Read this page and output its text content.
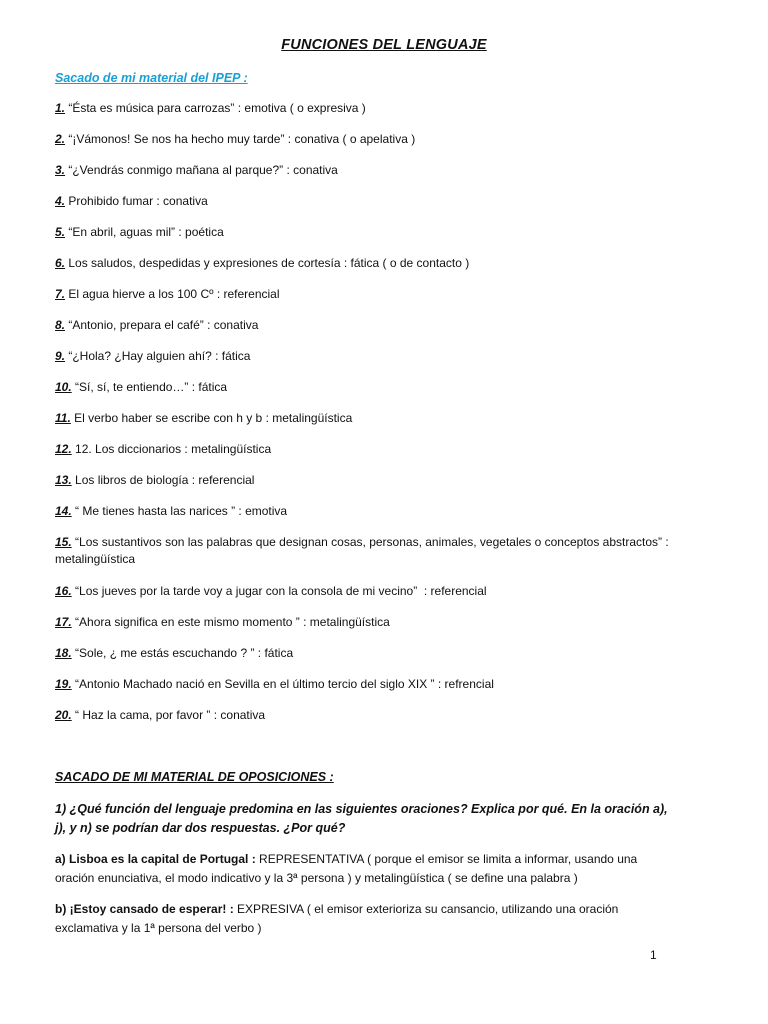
FUNCIONES DEL LENGUAJE
Sacado de mi material del IPEP :
1. “Ésta es música para carrozas” : emotiva ( o expresiva )
2. “¡Vámonos! Se nos ha hecho muy tarde” : conativa ( o apelativa )
3. “¿Vendrás conmigo mañana al parque?” : conativa
4. Prohibido fumar : conativa
5. “En abril, aguas mil” : poética
6. Los saludos, despedidas y expresiones de cortesía : fática ( o de contacto )
7. El agua hierve a los 100 Cº : referencial
8. “Antonio, prepara el café” : conativa
9. “¿Hola? ¿Hay alguien ahí? : fática
10. “Sí, sí, te entiendo…” : fática
11. El verbo haber se escribe con h y b : metalingüística
12. 12. Los diccionarios : metalingüística
13. Los libros de biología : referencial
14. “ Me tienes hasta las narices ” : emotiva
15. “Los sustantivos son las palabras que designan cosas, personas, animales, vegetales o conceptos abstractos” : metalingüística
16. “Los jueves por la tarde voy a jugar con la consola de mi vecino”  : referencial
17. “Ahora significa en este mismo momento ” : metalingüística
18. “Sole, ¿ me estás escuchando ? ” : fática
19. “Antonio Machado nació en Sevilla en el último tercio del siglo XIX ” : refrencial
20. “ Haz la cama, por favor ” : conativa
SACADO DE MI MATERIAL DE OPOSICIONES :
1) ¿Qué función del lenguaje predomina en las siguientes oraciones? Explica por qué. En la oración a), j), y n) se podrían dar dos respuestas. ¿Por qué?
a) Lisboa es la capital de Portugal : REPRESENTATIVA ( porque el emisor se limita a informar, usando una oración enunciativa, el modo indicativo y la 3ª persona ) y metalingüística ( se define una palabra )
b) ¡Estoy cansado de esperar! : EXPRESIVA ( el emisor exterioriza su cansancio, utilizando una oración exclamativa y la 1ª persona del verbo )
1
